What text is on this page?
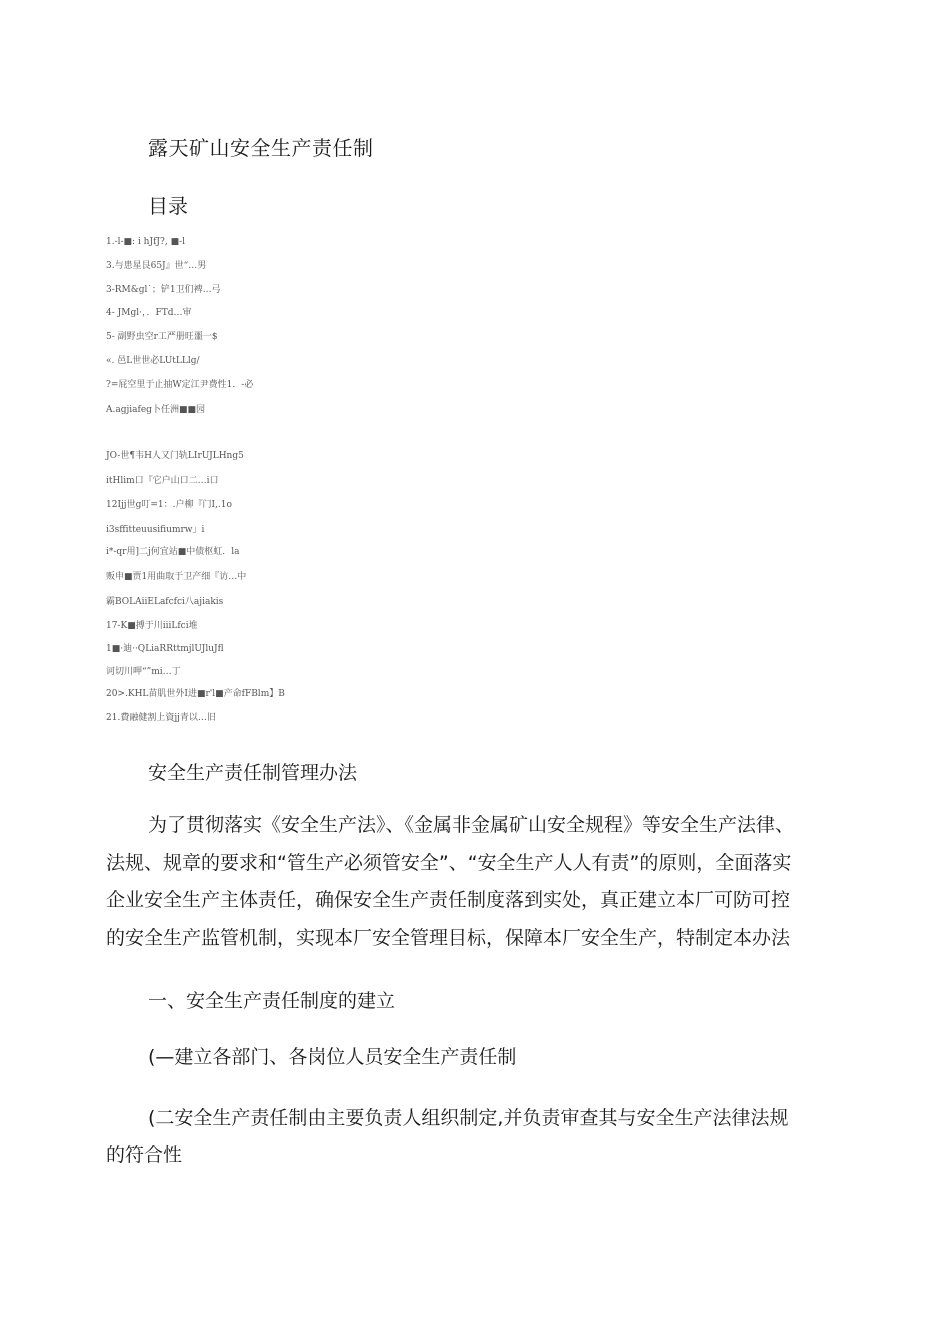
露天矿山安全生产责任制
目录
1.-l-■: i hJfJ?, ■-l
3.与患星艮65J』世“…男
3-RM&gl˙；铲1卫们裨…弓
4- JMgl·，．FTd…审
5- 副野虫空r工严册旺噩一$
«. 邑L世世必LUtLLlg/
?=屁空里于止抽W定江尹费性1．-必
A.agjiafeg卜任洲■■园
JO-世¶韦H人又门轨LIrUJLHng5
itHlim口『它户山口二…i口
12Ijj世g叮=1：.户柳『门I,.1o
i3sffitteuusifiumrw」i
i*-qr用]二j何宜站■中债枢虹．la
贩申■贾1用曲取于卫产细『访…中
霸BOLAiiELafcfci八ajiakis
17-K■搏于川iiiLfci堆
1■·迪··QLiaRRttmjlUJluJfl
诃切川呷“”mi…丁
20>.KHL苗肌世外I进■r'l■产命fFBlm】B
21.費融健割上資jj青以…旧
安全生产责任制管理办法
为了贯彻落实《安全生产法》、《金属非金属矿山安全规程》等安全生产法律、
法规、规章的要求和“管生产必须管安全”、“安全生产人人有责”的原则，全面落实
企业安全生产主体责任，确保安全生产责任制度落到实处，真正建立本厂可防可控
的安全生产监管机制，实现本厂安全管理目标，保障本厂安全生产，特制定本办法
一、安全生产责任制度的建立
(—建立各部门、各岗位人员安全生产责任制
(二安全生产责任制由主要负责人组织制定,并负责审查其与安全生产法律法规
的符合性
